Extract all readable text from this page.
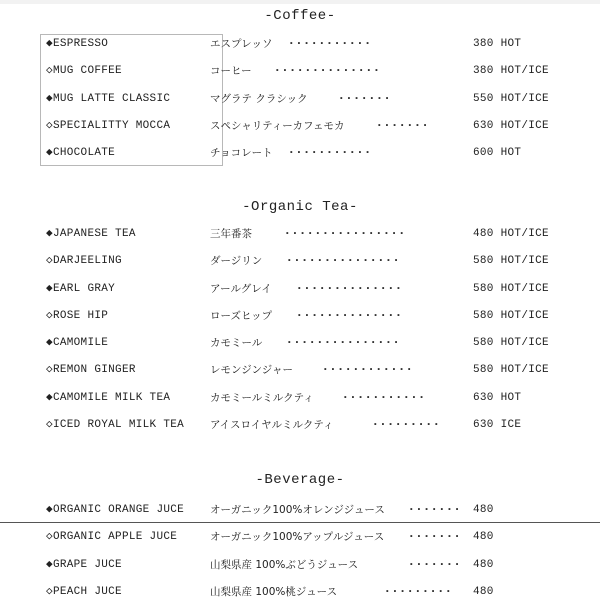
-Coffee-
◆ESPRESSO	エスプレッソ ···········	380 HOT
◇MUG COFFEE	コーヒー ··············	380 HOT/ICE
◆MUG LATTE CLASSIC	マグラテ クラシック	·······	550 HOT/ICE
◇SPECIALITTY MOCCA	スペシャリティーカフェモカ	·······	630 HOT/ICE
◆CHOCOLATE	チョコレート ···········	600 HOT
-Organic Tea-
◆JAPANESE TEA	三年番茶	················	480 HOT/ICE
◇DARJEELING	ダージリン ···············	580 HOT/ICE
◆EARL GRAY	アールグレイ ··············	580 HOT/ICE
◇ROSE HIP	ローズヒップ ··············	580 HOT/ICE
◆CAMOMILE	カモミール ···············	580 HOT/ICE
◇REMON GINGER	レモンジンジャー	············	580 HOT/ICE
◆CAMOMILE MILK TEA	カモミールミルクティ	···········	630 HOT
◇ICED ROYAL MILK TEA アイスロイヤルミルクティ	·········	630 ICE
-Beverage-
◆ORGANIC ORANGE JUCE オーガニック100%オレンジジュース ······· 480
◇ORGANIC APPLE JUCE	オーガニック100%アップルジュース ······· 480
◆GRAPE JUCE	山梨県産 100%ぶどうジュース	······· 480
◇PEACH JUCE	山梨県産 100%桃ジュース	········· 480
